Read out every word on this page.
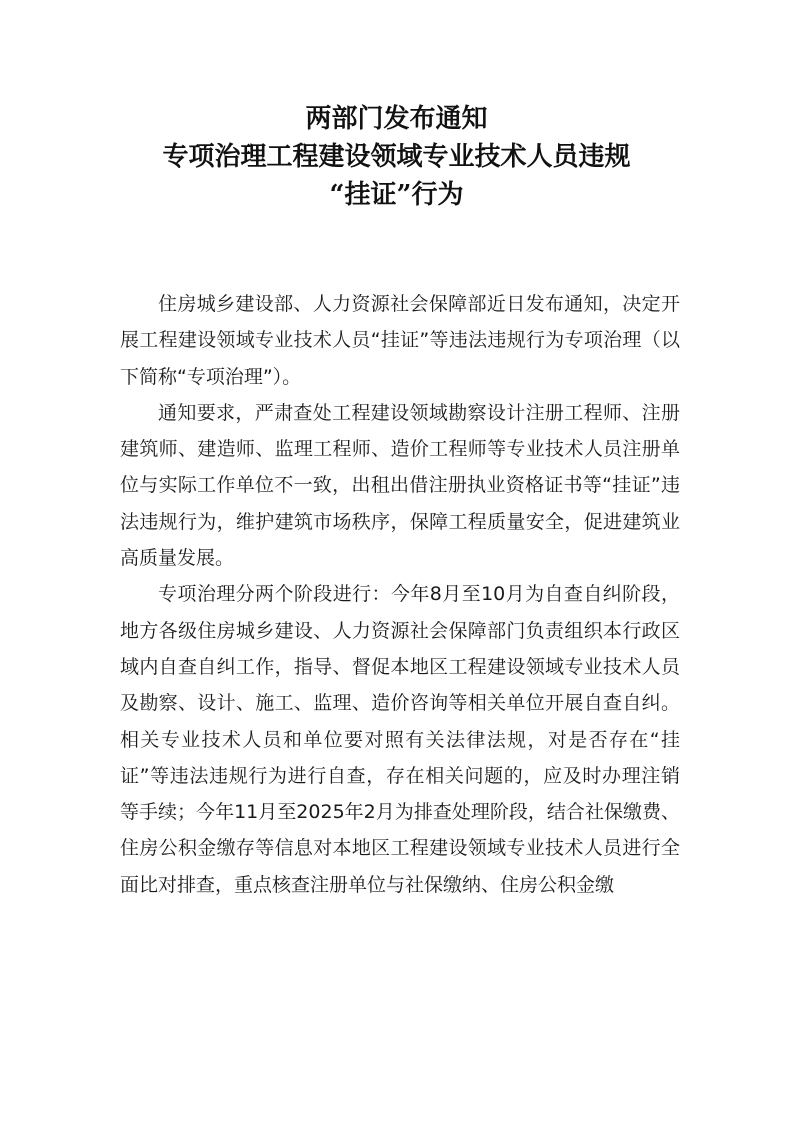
两部门发布通知
专项治理工程建设领域专业技术人员违规
“挂证”行为

住房城乡建设部、人力资源社会保障部近日发布通知，决定开展工程建设领域专业技术人员“挂证”等违法违规行为专项治理（以下简称“专项治理”）。

通知要求，严肃查处工程建设领域勘察设计注册工程师、注册建筑师、建造师、监理工程师、造价工程师等专业技术人员注册单位与实际工作单位不一致，出租出借注册执业资格证书等“挂证”违法违规行为，维护建筑市场秩序，保障工程质量安全，促进建筑业高质量发展。

专项治理分两个阶段进行：今年8月至10月为自查自纠阶段，地方各级住房城乡建设、人力资源社会保障部门负责组织本行政区域内自查自纠工作，指导、督促本地区工程建设领域专业技术人员及勘察、设计、施工、监理、造价咨询等相关单位开展自查自纠。相关专业技术人员和单位要对照有关法律法规，对是否存在“挂证”等违法违规行为进行自查，存在相关问题的，应及时办理注销等手续；今年11月至2025年2月为排查处理阶段，结合社保缴费、住房公积金缴存等信息对本地区工程建设领域专业技术人员进行全面比对排查，重点核查注册单位与社保缴纳、住房公积金缴
